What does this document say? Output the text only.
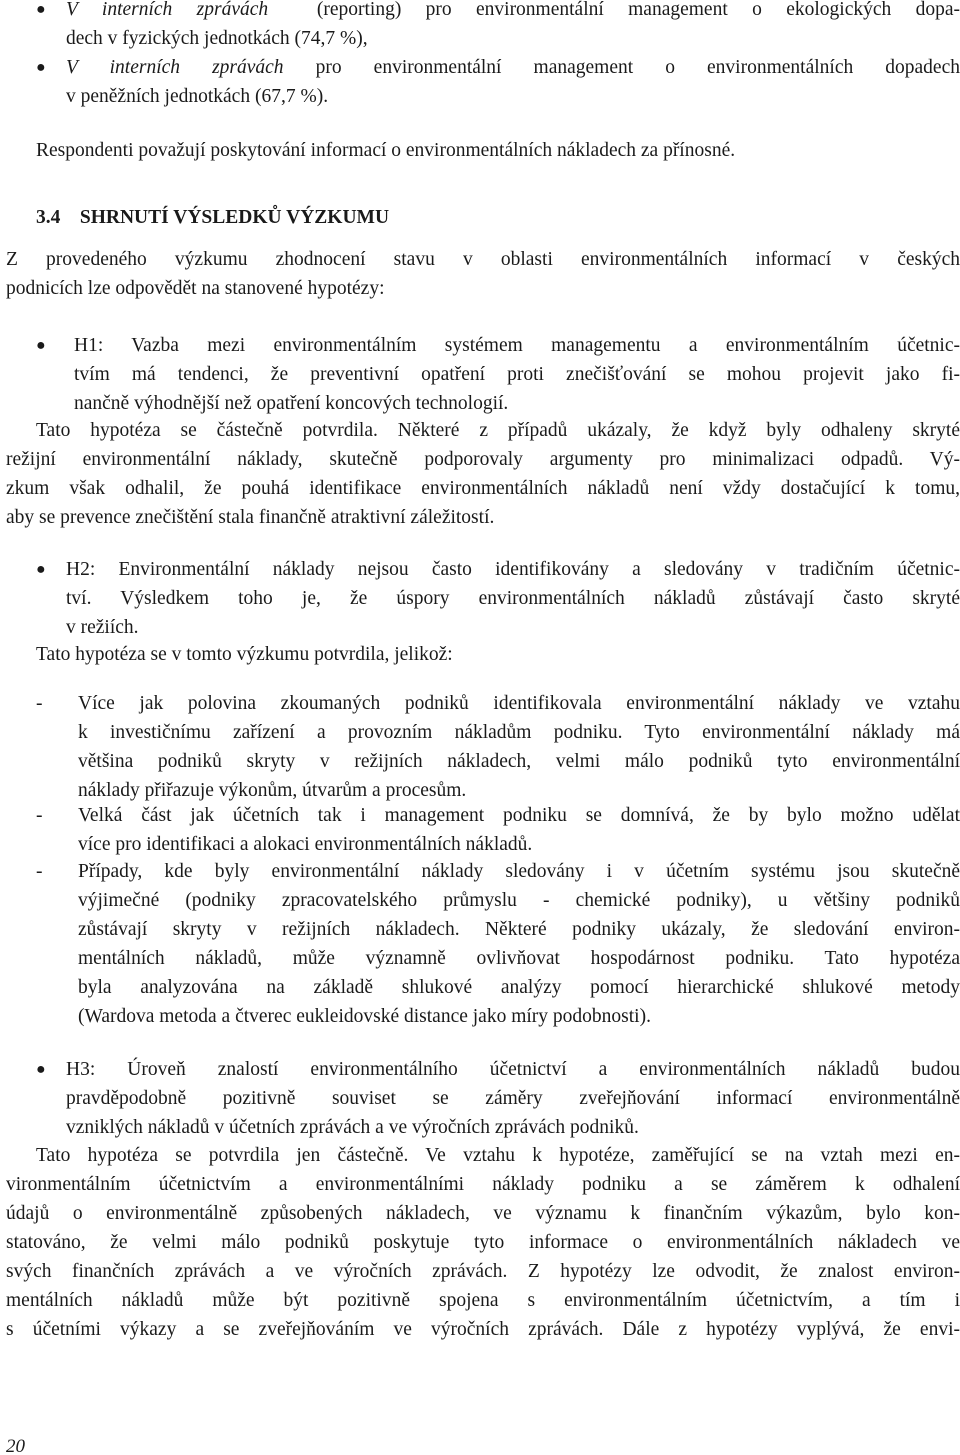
● V interních zprávách (reporting) pro environmentální management o ekologických dopa-
dech v fyzických jednotkách (74,7 %),
● V interních zprávách pro environmentální management o environmentálních dopadech
v peněžních jednotkách (67,7 %).
Respondenti považují poskytování informací o environmentálních nákladech za přínosné.
3.4 SHRNUTÍ VÝSLEDKŮ VÝZKUMU
Z provedeného výzkumu zhodnocení stavu v oblasti environmentálních informací v českých
podnicích lze odpovědět na stanovené hypotézy:
● H1: Vazba mezi environmentálním systémem managementu a environmentálním účetnic-
tvím má tendenci, že preventivní opatření proti znečišťování se mohou projevit jako fi-
nančně výhodnější než opatření koncových technologií.
Tato hypotéza se částečně potvrdila. Některé z případů ukázaly, že když byly odhaleny skryté
režijní environmentální náklady, skutečně podporovaly argumenty pro minimalizaci odpadů. Vý-
zkum však odhalil, že pouhá identifikace environmentálních nákladů není vždy dostačující k tomu,
aby se prevence znečištění stala finančně atraktivní záležitostí.
● H2: Environmentální náklady nejsou často identifikovány a sledovány v tradičním účetnic-
tví. Výsledkem toho je, že úspory environmentálních nákladů zůstávají často skryté
v režiích.
Tato hypotéza se v tomto výzkumu potvrdila, jelikož:
- Více jak polovina zkoumaných podniků identifikovala environmentální náklady ve vztahu
k investičnímu zařízení a provozním nákladům podniku. Tyto environmentální náklady má
většina podniků skryty v režijních nákladech, velmi málo podniků tyto environmentální
náklady přiřazuje výkonům, útvarům a procesům.
- Velká část jak účetních tak i management podniku se domnívá, že by bylo možno udělat
více pro identifikaci a alokaci environmentálních nákladů.
- Případy, kde byly environmentální náklady sledovány i v účetním systému jsou skutečně
výjimečné (podniky zpracovatelského průmyslu - chemické podniky), u většiny podniků
zůstávají skryty v režijních nákladech. Některé podniky ukázaly, že sledování environ-
mentálních nákladů, může významně ovlivňovat hospodárnost podniku. Tato hypotéza
byla analyzována na základě shlukové analýzy pomocí hierarchické shlukové metody
(Wardova metoda a čtverec eukleidovské distance jako míry podobnosti).
● H3: Úroveň znalostí environmentálního účetnictví a environmentálních nákladů budou
pravděpodobně pozitivně souviset se záměry zveřejňování informací environmentálně
vzniklých nákladů v účetních zprávách a ve výročních zprávách podniků.
Tato hypotéza se potvrdila jen částečně. Ve vztahu k hypotéze, zaměřující se na vztah mezi en-
vironmentálním účetnictvím a environmentálními náklady podniku a se záměrem k odhalení
údajů o environmentálně způsobených nákladech, ve významu k finančním výkazům, bylo kon-
statováno, že velmi málo podniků poskytuje tyto informace o environmentálních nákladech ve
svých finančních zprávách a ve výročních zprávách. Z hypotézy lze odvodit, že znalost environ-
mentálních nákladů může být pozitivně spojena s environmentálním účetnictvím, a tím i
s účetními výkazy a se zveřejňováním ve výročních zprávách. Dále z hypotézy vyplývá, že envi-
20
